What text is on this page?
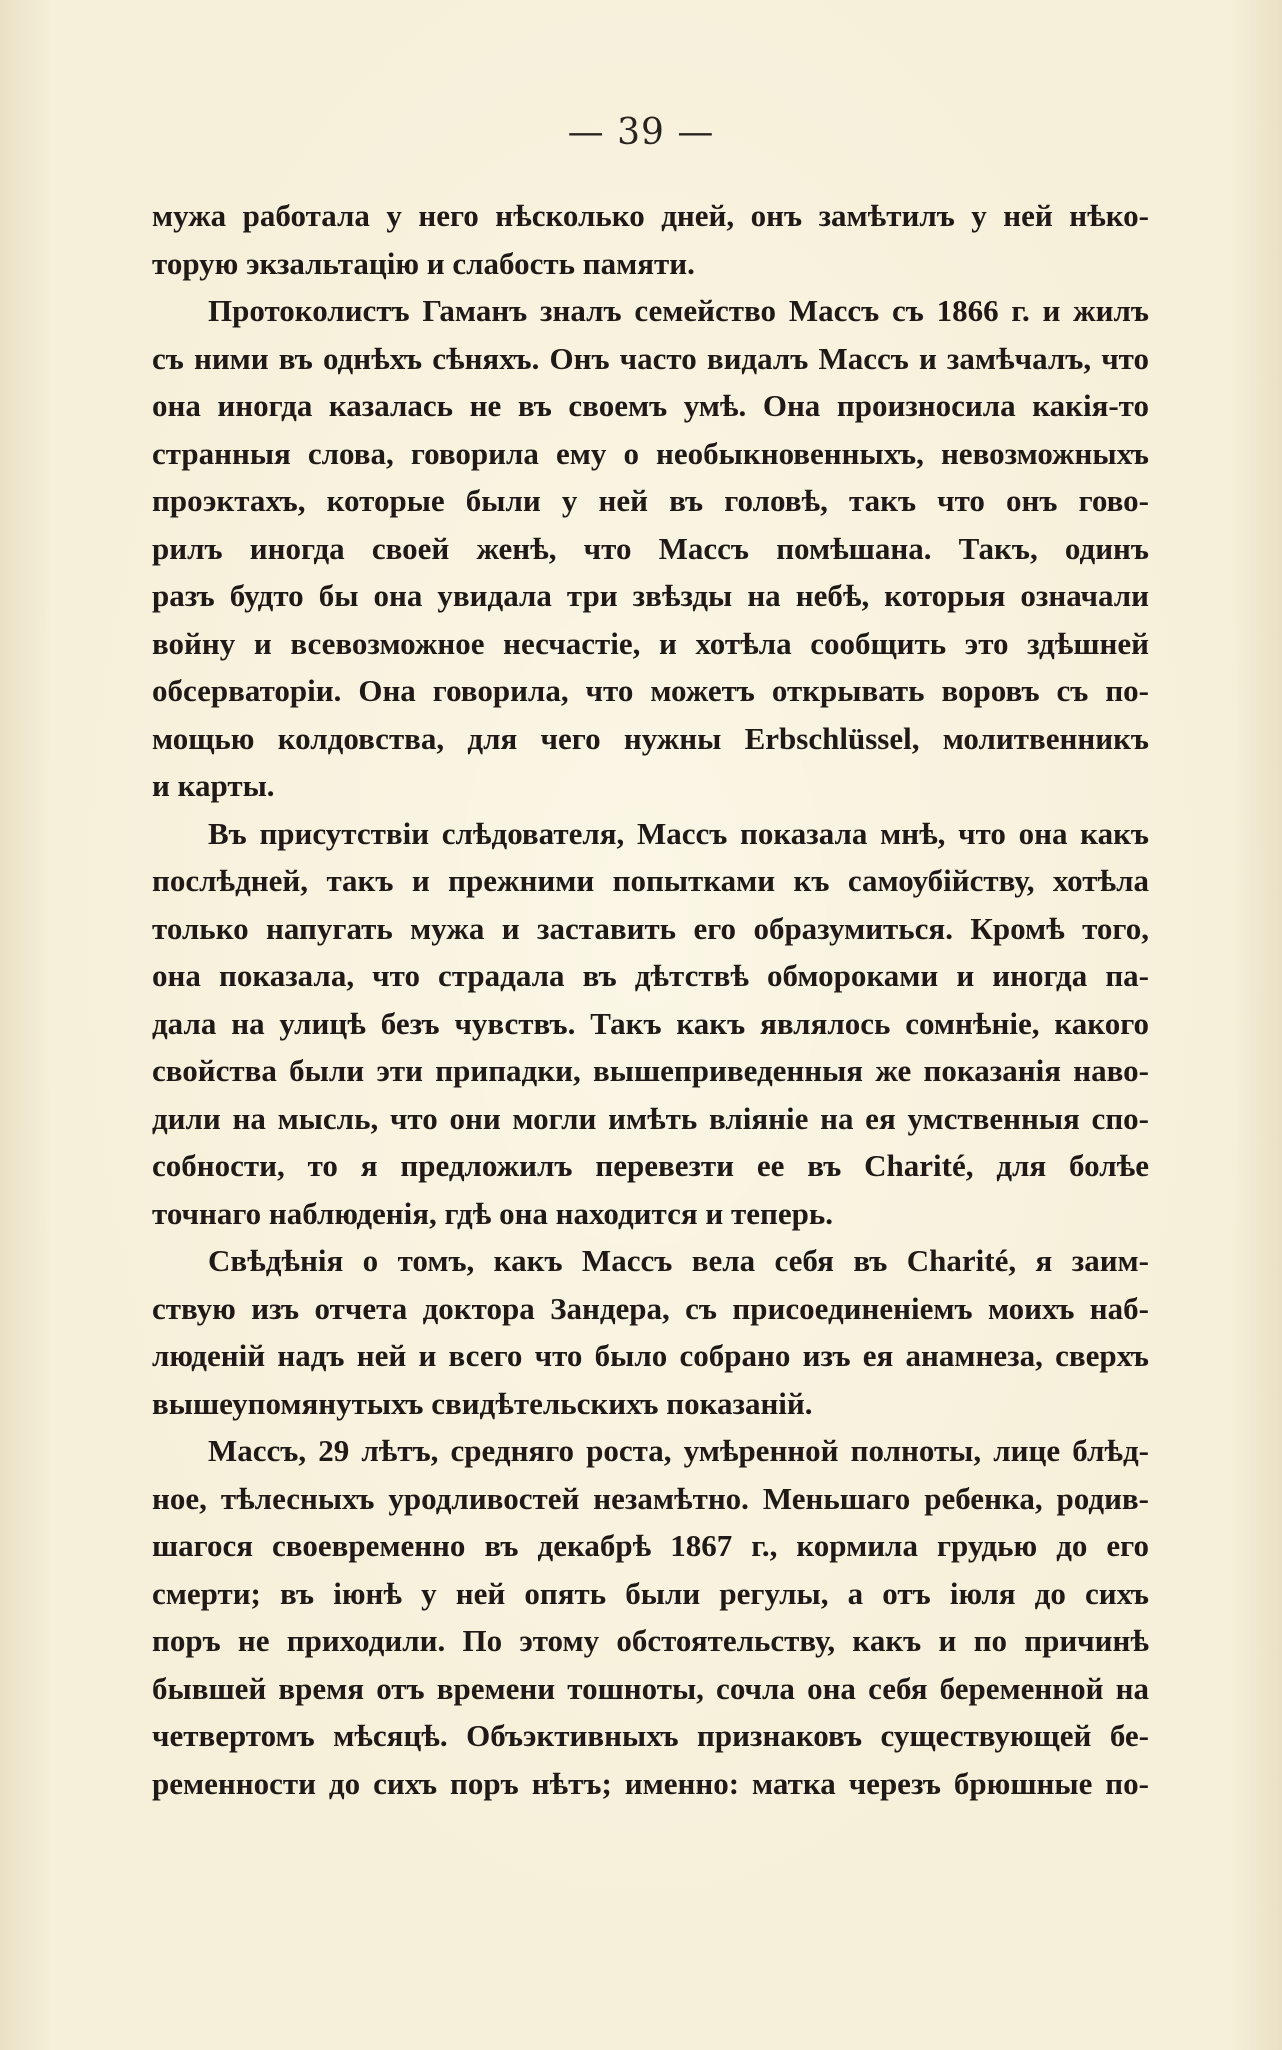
— 39 —
мужа работала у него нѣсколько дней, онъ замѣтилъ у ней нѣко-
торую экзальтацію и слабость памяти.
Протоколистъ Гаманъ зналъ семейство Массъ съ 1866 г. и жилъ
съ ними въ однѣхъ сѣняхъ. Онъ часто видалъ Массъ и замѣчалъ, что
она иногда казалась не въ своемъ умѣ. Она произносила какія-то
странныя слова, говорила ему о необыкновенныхъ, невозможныхъ
проэктахъ, которые были у ней въ головѣ, такъ что онъ гово-
рилъ иногда своей женѣ, что Массъ помѣшана. Такъ, одинъ
разъ будто бы она увидала три звѣзды на небѣ, которыя означали
войну и всевозможное несчастіе, и хотѣла сообщить это здѣшней
обсерваторіи. Она говорила, что можетъ открывать воровъ съ по-
мощью колдовства, для чего нужны Erbschlüssel, молитвенникъ
и карты.
Въ присутствіи слѣдователя, Массъ показала мнѣ, что она какъ
послѣдней, такъ и прежними попытками къ самоубійству, хотѣла
только напугать мужа и заставить его образумиться. Кромѣ того,
она показала, что страдала въ дѣтствѣ обмороками и иногда па-
дала на улицѣ безъ чувствъ. Такъ какъ являлось сомнѣніе, какого
свойства были эти припадки, вышеприведенныя же показанія наво-
дили на мысль, что они могли имѣть вліяніе на ея умственныя спо-
собности, то я предложилъ перевезти ее въ Charité, для болѣе
точнаго наблюденія, гдѣ она находится и теперь.
Свѣдѣнія о томъ, какъ Массъ вела себя въ Charité, я заим-
ствую изъ отчета доктора Зандера, съ присоединеніемъ моихъ наб-
люденій надъ ней и всего что было собрано изъ ея анамнеза, сверхъ
вышеупомянутыхъ свидѣтельскихъ показаній.
Массъ, 29 лѣтъ, средняго роста, умѣренной полноты, лице блѣд-
ное, тѣлесныхъ уродливостей незамѣтно. Меньшаго ребенка, родив-
шагося своевременно въ декабрѣ 1867 г., кормила грудью до его
смерти; въ іюнѣ у ней опять были регулы, а отъ іюля до сихъ
поръ не приходили. По этому обстоятельству, какъ и по причинѣ
бывшей время отъ времени тошноты, сочла она себя беременной на
четвертомъ мѣсяцѣ. Объэктивныхъ признаковъ существующей бе-
ременности до сихъ поръ нѣтъ; именно: матка черезъ брюшные по-
